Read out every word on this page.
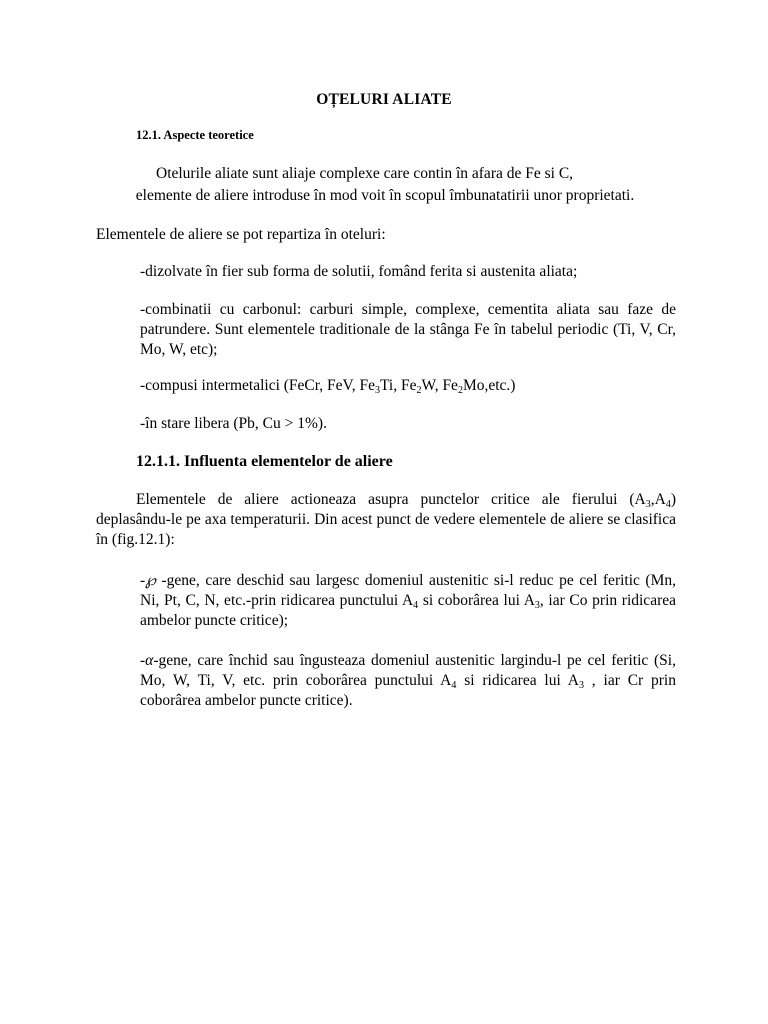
OȚELURI ALIATE
12.1. Aspecte teoretice
Otelurile aliate sunt aliaje complexe care contin în afara de Fe si C,
elemente de aliere introduse în mod voit în scopul îmbunatatirii unor proprietati.
Elementele de aliere se pot repartiza în oteluri:
-dizolvate în fier sub forma de solutii, fomând ferita si austenita aliata;
-combinatii cu carbonul: carburi simple, complexe, cementita aliata sau faze de patrundere. Sunt elementele traditionale de la stânga Fe în tabelul periodic (Ti, V, Cr, Mo, W, etc);
-compusi intermetalici (FeCr, FeV, $Fe_3Ti$, $Fe_2W$, $Fe_2Mo,etc$.)
-în stare libera (Pb, Cu > 1%).
12.1.1. Influenta elementelor de aliere
Elementele de aliere actioneaza asupra punctelor critice ale fierului $(A_3,A_4)$ deplasându-le pe axa temperaturii. Din acest punct de vedere elementele de aliere se clasifica în (fig.12.1):
-℘ -gene, care deschid sau largesc domeniul austenitic si-l reduc pe cel feritic (Mn, Ni, Pt, C, N, etc.-prin ridicarea punctului $A_4$ si coborârea lui $A_3$, iar Co prin ridicarea ambelor puncte critice);
-α-gene, care închid sau îngusteaza domeniul austenitic largindu-l pe cel feritic (Si, Mo, W, Ti, V, etc. prin coborârea punctului $A_4$ si ridicarea lui $A_3$ , iar Cr prin coborârea ambelor puncte critice).
